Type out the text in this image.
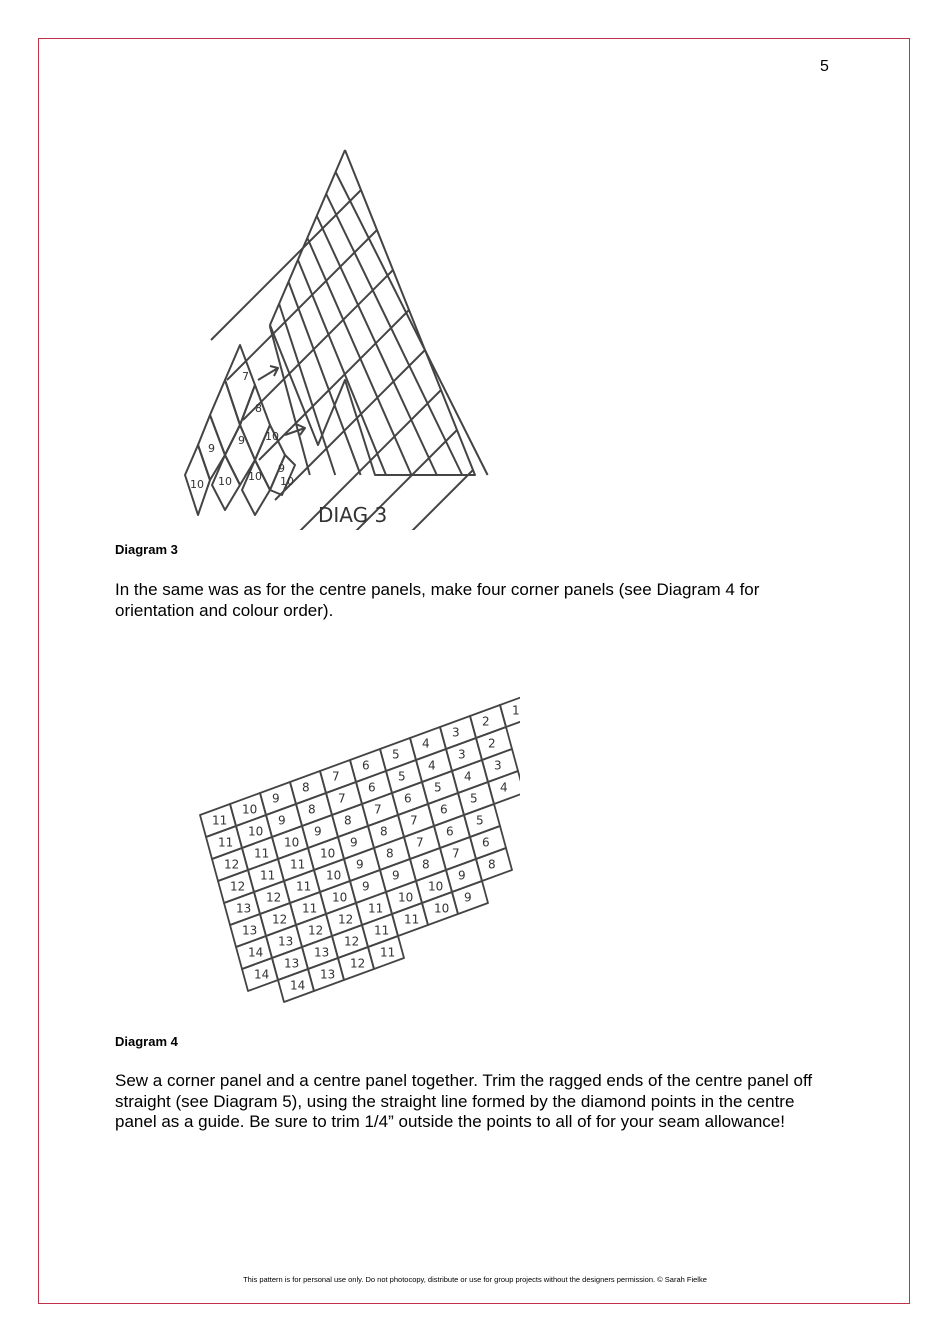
5
7
8
9 10
9
9
10
10
10	10
DIAG 3
Diagram 3
In the same was as for the centre panels, make four corner panels (see Diagram 4 for orientation and colour order).
11
10
9
8
7
6
5
4
3
2
1
11
10
9
8
7
6
5
4
3
2
12
11
10
9
8
7
6
5
4
3
12
11
11
10
9
8
7
6
5
4
13
12
11
10
9
8
7
6
5
13
12
11
10
9
9
8
7
6
14
13
12
12
11
10
10
9
8
14
13
13
12
11
11
10
9
14
13
12
11
Diagram 4
Sew a corner panel and a centre panel together. Trim the ragged ends of the centre panel off straight (see Diagram 5), using the straight line formed by the diamond points in the centre panel as a guide. Be sure to trim 1/4” outside the points to all of for your seam allowance!
This pattern is for personal use only. Do not photocopy, distribute or use for group projects without the designers permission. © Sarah Fielke
